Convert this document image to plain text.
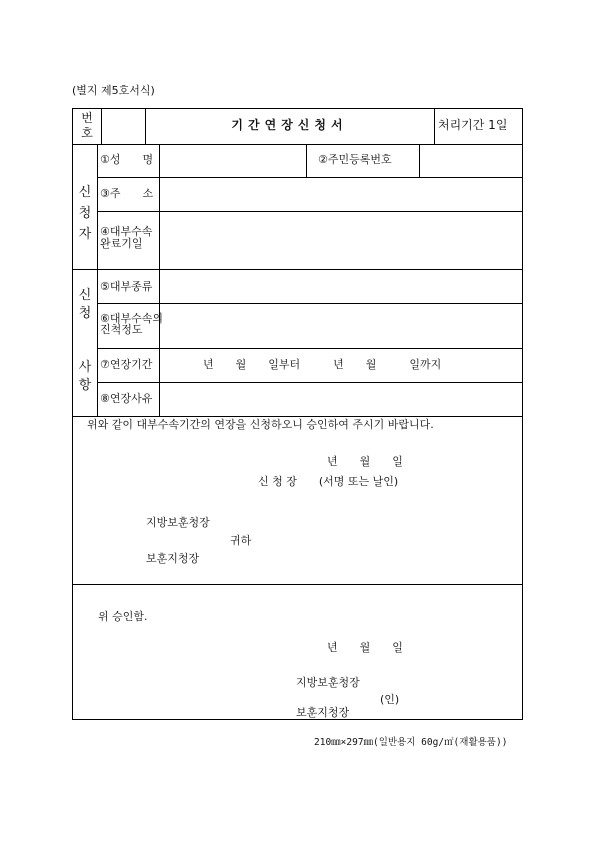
(별지 제5호서식)
번
호
기간연장신청서	처리기간 1일
신
청
자
①성　　명	②주민등록번호
③주　　소
④대부수속
완료기일
신
청

사
항
⑤대부종류
⑥대부수속의
진척정도
⑦연장기간	년　　월　　일부터　　　년　　월　　　일까지
⑧연장사유
위와 같이 대부수속기간의 연장을 신청하오니 승인하여 주시기 바랍니다.
년　　월　　일
신 청 장　　(서명 또는 날인)
지방보훈청장
귀하
보훈지청장
위 승인함.
년　　월　　일
지방보훈청장
(인)
보훈지청장
210㎜×297㎜(일반용지 60g/㎡(재활용품))
